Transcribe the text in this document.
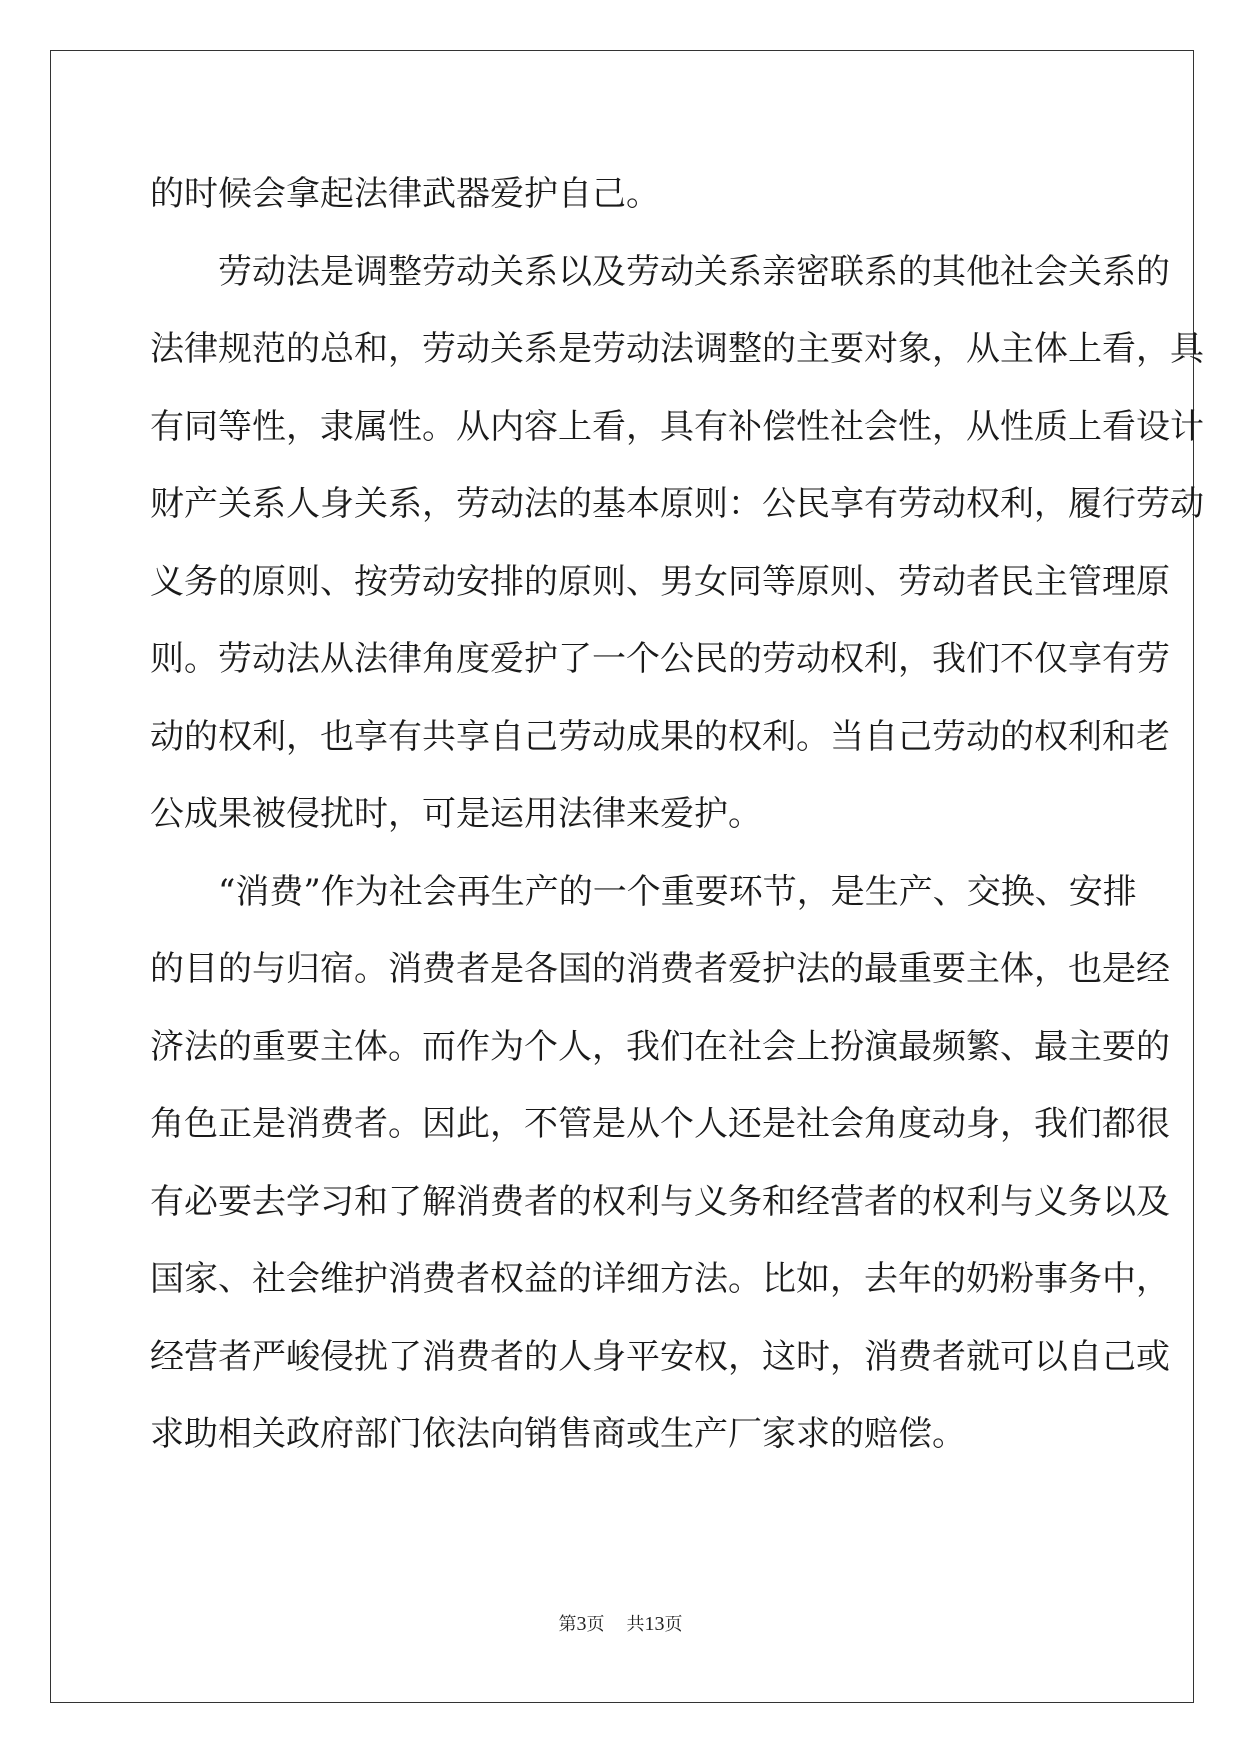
的时候会拿起法律武器爱护自己。
　　劳动法是调整劳动关系以及劳动关系亲密联系的其他社会关系的
法律规范的总和，劳动关系是劳动法调整的主要对象，从主体上看，具
有同等性，隶属性。从内容上看，具有补偿性社会性，从性质上看设计
财产关系人身关系，劳动法的基本原则：公民享有劳动权利，履行劳动
义务的原则、按劳动安排的原则、男女同等原则、劳动者民主管理原
则。劳动法从法律角度爱护了一个公民的劳动权利，我们不仅享有劳
动的权利，也享有共享自己劳动成果的权利。当自己劳动的权利和老
公成果被侵扰时，可是运用法律来爱护。
　　“消费”作为社会再生产的一个重要环节，是生产、交换、安排
的目的与归宿。消费者是各国的消费者爱护法的最重要主体，也是经
济法的重要主体。而作为个人，我们在社会上扮演最频繁、最主要的
角色正是消费者。因此，不管是从个人还是社会角度动身，我们都很
有必要去学习和了解消费者的权利与义务和经营者的权利与义务以及
国家、社会维护消费者权益的详细方法。比如，去年的奶粉事务中，
经营者严峻侵扰了消费者的人身平安权，这时，消费者就可以自己或
求助相关政府部门依法向销售商或生产厂家求的赔偿。
第3页 共13页
